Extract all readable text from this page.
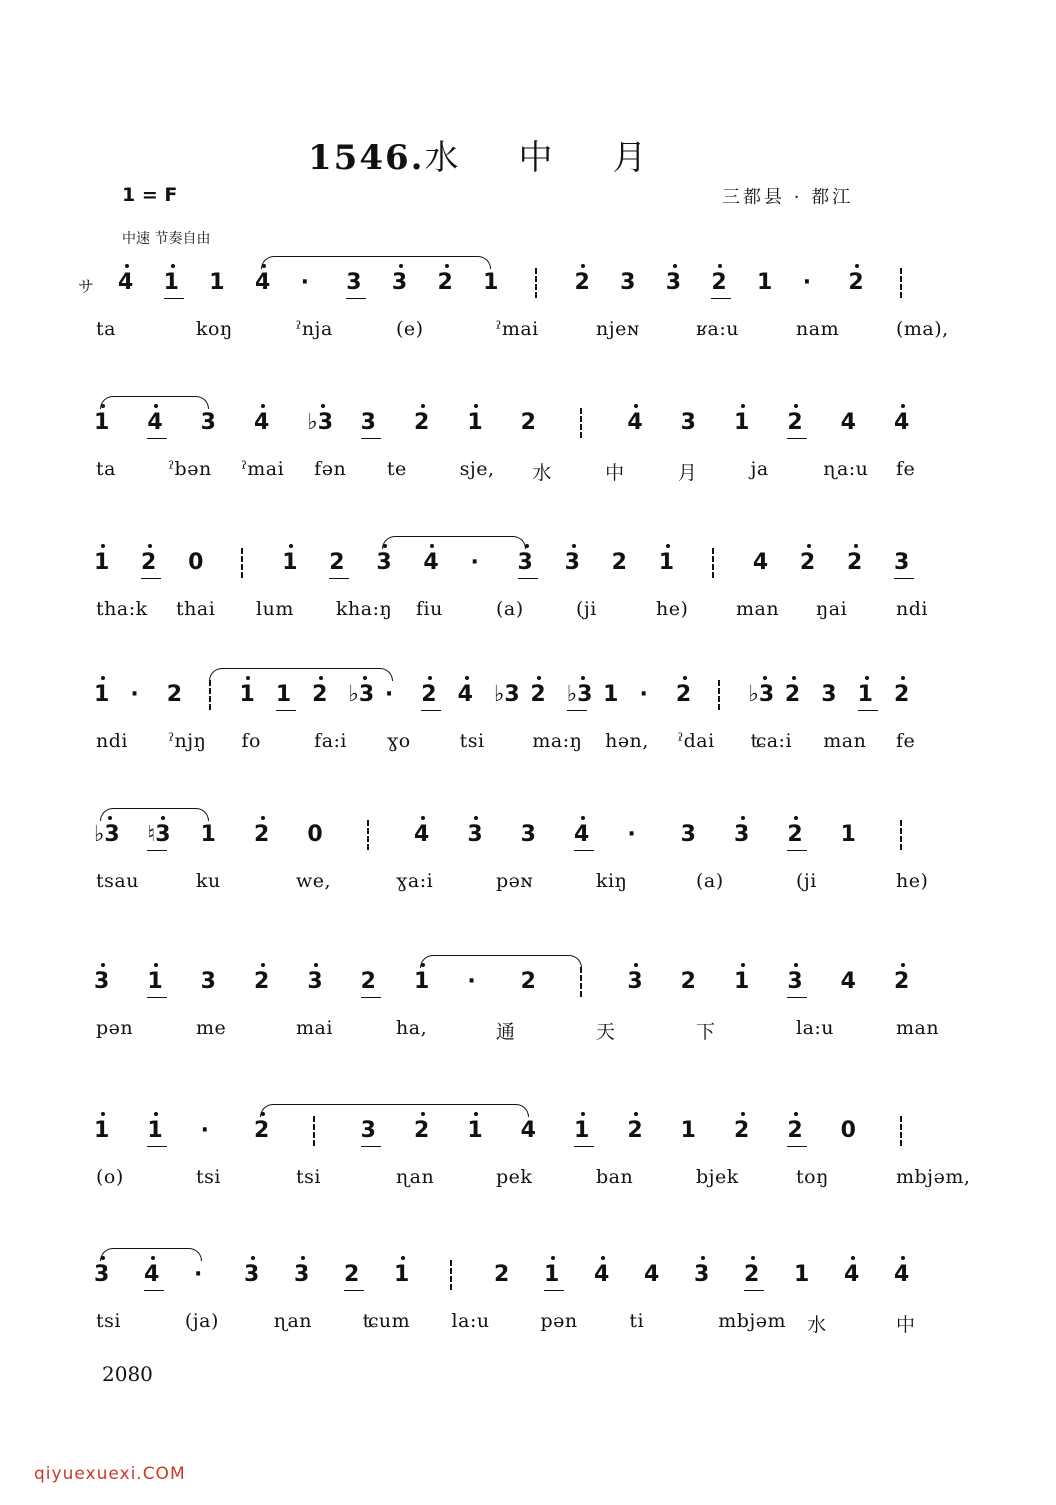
1546.水 中 月
1 = F	三都县 · 都江
中速 节奏自由
サ 4 1 1 4 · 3 3 2 1	2 3 3 2 1 · 2
ta	koŋ	ˀnja	(e)	ˀmai	njeɴ	ʁa:u	nam	(ma),
1 4 3 4 ♭3 3 2 1 2	4 3 1 2 4 4
ta	ˀbən ˀmai fən te	sje, 水	中	月	ja	ɳa:u fe
1 2 0	1 2 3 4 · 3 3 2 1	4 2 2 3
tha:k thai lum kha:ŋ fiu	(a)	(ji	he)	man ŋai	ndi
1 · 2	1 1 2 ♭3 · 2 4 ♭3 2 ♭3 1 · 2	♭3 2 3 1 2
ndi ˀnjŋ fo	fa:i ɣo	tsi	ma:ŋ hən, ˀdai ʨa:i man fe
♭3 ♮3 1 2 0	4 3 3 4 · 3 3 2 1
tsau	ku	we,	ɣa:i	pəɴ	kiŋ	(a)	(ji	he)
3 1 3 2 3 2 1 · 2	3 2 1 3 4 2
pən	me	mai	ha,	通	天	下	la:u	man
1 1 · 2	3 2 1 4 1 2 1 2 2 0
(o)	tsi	tsi	ɳan	pek	ban	bjek	toŋ	mbjəm,
3 4 · 3 3 2 1	2 1 4 4 3 2 1 4 4
tsi	(ja)	ɳan	ʨum la:u	pən	ti	mbjəm 水	中
2080
qiyuexuexi.COM
